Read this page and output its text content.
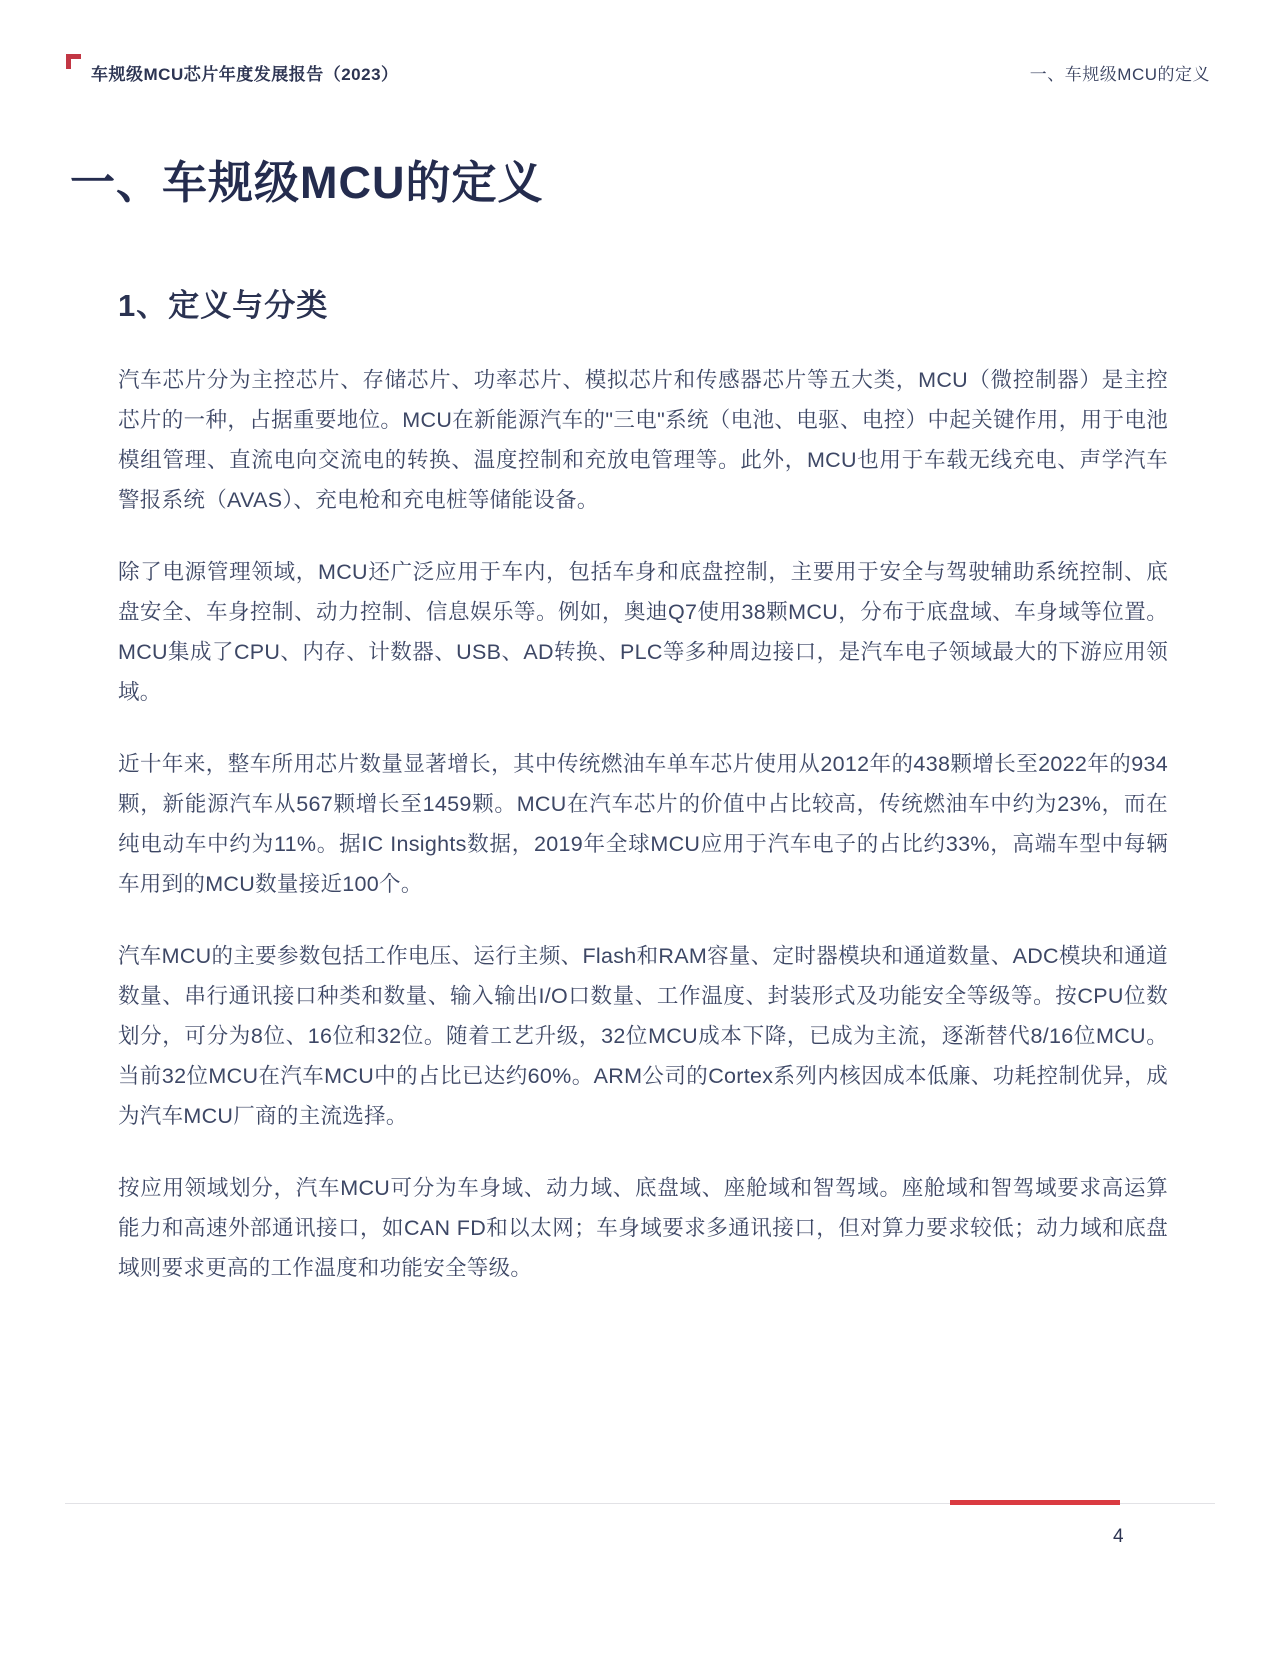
车规级MCU芯片年度发展报告（2023）	一、车规级MCU的定义
一、车规级MCU的定义
1、定义与分类

汽车芯片分为主控芯片、存储芯片、功率芯片、模拟芯片和传感器芯片等五大类，MCU（微控制器）是主控芯片的一种，占据重要地位。MCU在新能源汽车的"三电"系统（电池、电驱、电控）中起关键作用，用于电池模组管理、直流电向交流电的转换、温度控制和充放电管理等。此外，MCU也用于车载无线充电、声学汽车警报系统（AVAS）、充电枪和充电桩等储能设备。

除了电源管理领域，MCU还广泛应用于车内，包括车身和底盘控制，主要用于安全与驾驶辅助系统控制、底盘安全、车身控制、动力控制、信息娱乐等。例如，奥迪Q7使用38颗MCU，分布于底盘域、车身域等位置。MCU集成了CPU、内存、计数器、USB、AD转换、PLC等多种周边接口，是汽车电子领域最大的下游应用领域。

近十年来，整车所用芯片数量显著增长，其中传统燃油车单车芯片使用从2012年的438颗增长至2022年的934颗，新能源汽车从567颗增长至1459颗。MCU在汽车芯片的价值中占比较高，传统燃油车中约为23%，而在纯电动车中约为11%。据IC Insights数据，2019年全球MCU应用于汽车电子的占比约33%，高端车型中每辆车用到的MCU数量接近100个。

汽车MCU的主要参数包括工作电压、运行主频、Flash和RAM容量、定时器模块和通道数量、ADC模块和通道数量、串行通讯接口种类和数量、输入输出I/O口数量、工作温度、封装形式及功能安全等级等。按CPU位数划分，可分为8位、16位和32位。随着工艺升级，32位MCU成本下降，已成为主流，逐渐替代8/16位MCU。当前32位MCU在汽车MCU中的占比已达约60%。ARM公司的Cortex系列内核因成本低廉、功耗控制优异，成为汽车MCU厂商的主流选择。

按应用领域划分，汽车MCU可分为车身域、动力域、底盘域、座舱域和智驾域。座舱域和智驾域要求高运算能力和高速外部通讯接口，如CAN FD和以太网；车身域要求多通讯接口，但对算力要求较低；动力域和底盘域则要求更高的工作温度和功能安全等级。

4
